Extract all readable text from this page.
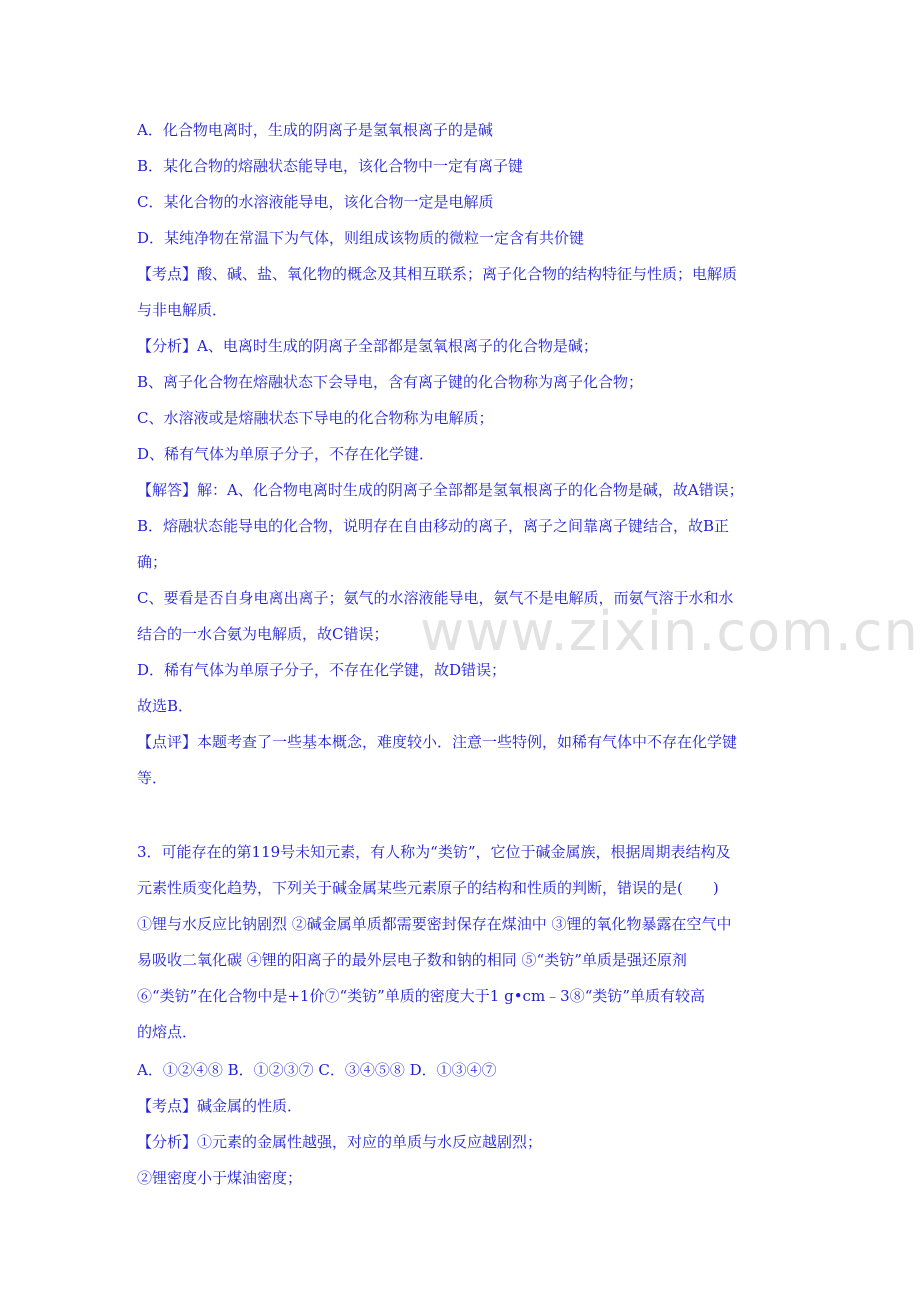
www.zixin.com.cn
A．化合物电离时，生成的阴离子是氢氧根离子的是碱
B．某化合物的熔融状态能导电，该化合物中一定有离子键
C．某化合物的水溶液能导电，该化合物一定是电解质
D．某纯净物在常温下为气体，则组成该物质的微粒一定含有共价键
【考点】酸、碱、盐、氧化物的概念及其相互联系；离子化合物的结构特征与性质；电解质
与非电解质．
【分析】A、电离时生成的阴离子全部都是氢氧根离子的化合物是碱；
B、离子化合物在熔融状态下会导电，含有离子键的化合物称为离子化合物；
C、水溶液或是熔融状态下导电的化合物称为电解质；
D、稀有气体为单原子分子，不存在化学键．
【解答】解：A、化合物电离时生成的阴离子全部都是氢氧根离子的化合物是碱，故A错误；
B．熔融状态能导电的化合物，说明存在自由移动的离子，离子之间靠离子键结合，故B正
确；
C、要看是否自身电离出离子；氨气的水溶液能导电，氨气不是电解质，而氨气溶于水和水
结合的一水合氨为电解质，故C错误；
D．稀有气体为单原子分子，不存在化学键，故D错误；
故选B．
【点评】本题考查了一些基本概念，难度较小．注意一些特例，如稀有气体中不存在化学键
等．
3．可能存在的第119号未知元素，有人称为“类钫”，它位于碱金属族，根据周期表结构及
元素性质变化趋势，下列关于碱金属某些元素原子的结构和性质的判断，错误的是(　　)
①锂与水反应比钠剧烈 ②碱金属单质都需要密封保存在煤油中 ③锂的氧化物暴露在空气中
易吸收二氧化碳 ④锂的阳离子的最外层电子数和钠的相同 ⑤“类钫”单质是强还原剂
⑥“类钫”在化合物中是+1价⑦“类钫”单质的密度大于1 g•cm﹣3⑧“类钫”单质有较高
的熔点．
A．①②④⑧ B．①②③⑦ C．③④⑤⑧ D．①③④⑦
【考点】碱金属的性质．
【分析】①元素的金属性越强，对应的单质与水反应越剧烈；
②锂密度小于煤油密度；
